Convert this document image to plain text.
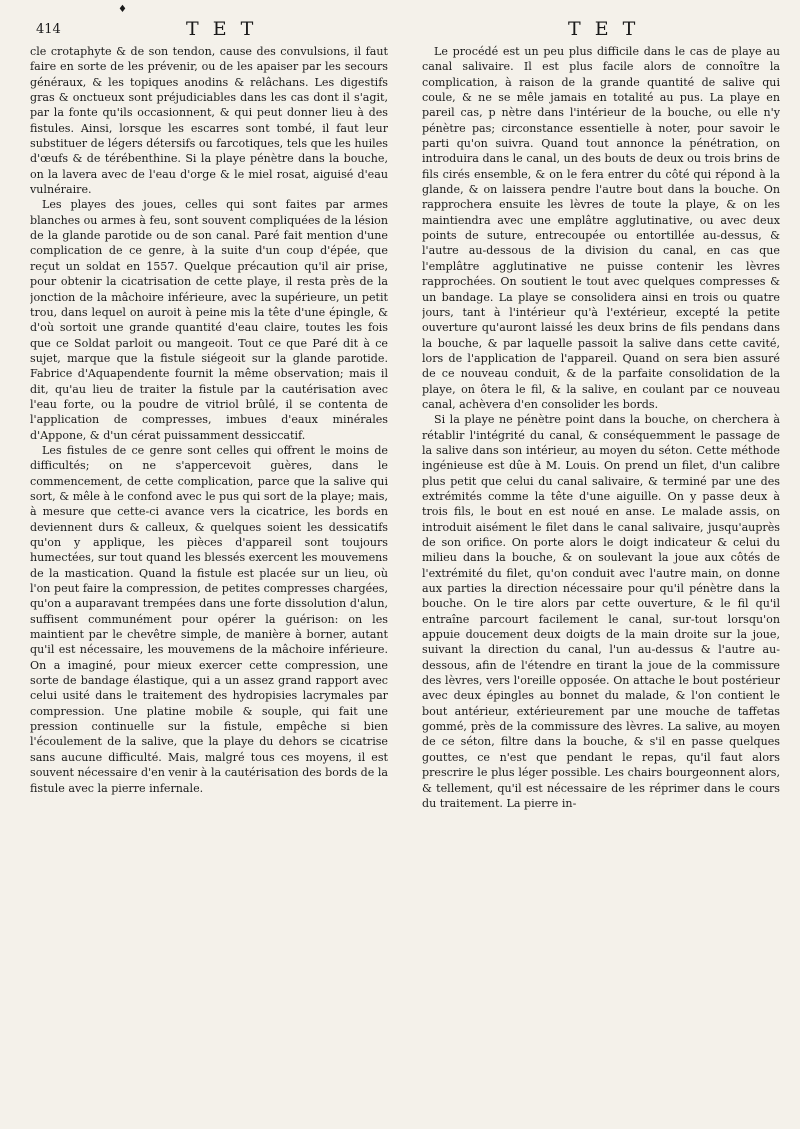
♦
414	T E T	T E T

cle crotaphyte & de son tendon, cause des convulsions, il faut faire en sorte de les prévenir, ou de les apaiser par les secours généraux, & les topiques anodins & relâchans. Les digestifs gras & onctueux sont préjudiciables dans les cas dont il s'agit, par la fonte qu'ils occasionnent, & qui peut donner lieu à des fistules. Ainsi, lorsque les escarres sont tombé, il faut leur substituer de légers détersifs ou farcotiques, tels que les huiles d'œufs & de térébenthine. Si la playe pénètre dans la bouche, on la lavera avec de l'eau d'orge & le miel rosat, aiguisé d'eau vulnéraire.

Les playes des joues, celles qui sont faites par armes blanches ou armes à feu, sont souvent compliquées de la lésion de la glande parotide ou de son canal. Paré fait mention d'une complication de ce genre, à la suite d'un coup d'épée, que reçut un soldat en 1557. Quelque précaution qu'il air prise, pour obtenir la cicatrisation de cette playe, il resta près de la jonction de la mâchoire inférieure, avec la supérieure, un petit trou, dans lequel on auroit à peine mis la tête d'une épingle, & d'où sortoit une grande quantité d'eau claire, toutes les fois que ce Soldat parloit ou mangeoit. Tout ce que Paré dit à ce sujet, marque que la fistule siégeoit sur la glande parotide. Fabrice d'Aquapendente fournit la même observation; mais il dit, qu'au lieu de traiter la fistule par la cautérisation avec l'eau forte, ou la poudre de vitriol brûlé, il se contenta de l'application de compresses, imbues d'eaux minérales d'Appone, & d'un cérat puissamment dessiccatif.

Les fistules de ce genre sont celles qui offrent le moins de difficultés; on ne s'appercevoit guères, dans le commencement, de cette complication, parce que la salive qui sort, & mêle à le confond avec le pus qui sort de la playe; mais, à mesure que cette-ci avance vers la cicatrice, les bords en deviennent durs & calleux, & quelques soient les dessicatifs qu'on y applique, les pièces d'appareil sont toujours humectées, sur tout quand les blessés exercent les mouvemens de la mastication. Quand la fistule est placée sur un lieu, où l'on peut faire la compression, de petites compresses chargées, qu'on a auparavant trempées dans une forte dissolution d'alun, suffisent communément pour opérer la guérison: on les maintient par le chevêtre simple, de manière à borner, autant qu'il est nécessaire, les mouvemens de la mâchoire inférieure. On a imaginé, pour mieux exercer cette compression, une sorte de bandage élastique, qui a un assez grand rapport avec celui usité dans le traitement des hydropisies lacrymales par compression. Une platine mobile & souple, qui fait une pression continuelle sur la fistule, empêche si bien l'écoulement de la salive, que la playe du dehors se cicatrise sans aucune difficulté. Mais, malgré tous ces moyens, il est souvent nécessaire d'en venir à la cautérisation des bords de la fistule avec la pierre infernale.

Le procédé est un peu plus difficile dans le cas de playe au canal salivaire. Il est plus facile alors de connoître la complication, à raison de la grande quantité de salive qui coule, & ne se mêle jamais en totalité au pus. La playe en pareil cas, p nètre dans l'intérieur de la bouche, ou elle n'y pénètre pas; circonstance essentielle à noter, pour savoir le parti qu'on suivra. Quand tout annonce la pénétration, on introduira dans le canal, un des bouts de deux ou trois brins de fils cirés ensemble, & on le fera entrer du côté qui répond à la glande, & on laissera pendre l'autre bout dans la bouche. On rapprochera ensuite les lèvres de toute la playe, & on les maintiendra avec une emplâtre agglutinative, ou avec deux points de suture, entrecoupée ou entortillée au-dessus, & l'autre au-dessous de la division du canal, en cas que l'emplâtre agglutinative ne puisse contenir les lèvres rapprochées. On soutient le tout avec quelques compresses & un bandage. La playe se consolidera ainsi en trois ou quatre jours, tant à l'intérieur qu'à l'extérieur, excepté la petite ouverture qu'auront laissé les deux brins de fils pendans dans la bouche, & par laquelle passoit la salive dans cette cavité, lors de l'application de l'appareil. Quand on sera bien assuré de ce nouveau conduit, & de la parfaite consolidation de la playe, on ôtera le fil, & la salive, en coulant par ce nouveau canal, achèvera d'en consolider les bords.

Si la playe ne pénètre point dans la bouche, on cherchera à rétablir l'intégrité du canal, & conséquemment le passage de la salive dans son intérieur, au moyen du séton. Cette méthode ingénieuse est dûe à M. Louis. On prend un filet, d'un calibre plus petit que celui du canal salivaire, & terminé par une des extrémités comme la tête d'une aiguille. On y passe deux à trois fils, le bout en est noué en anse. Le malade assis, on introduit aisément le filet dans le canal salivaire, jusqu'auprès de son orifice. On porte alors le doigt indicateur & celui du milieu dans la bouche, & on soulevant la joue aux côtés de l'extrémité du filet, qu'on conduit avec l'autre main, on donne aux parties la direction nécessaire pour qu'il pénètre dans la bouche. On le tire alors par cette ouverture, & le fil qu'il entraîne parcourt facilement le canal, sur-tout lorsqu'on appuie doucement deux doigts de la main droite sur la joue, suivant la direction du canal, l'un au-dessus & l'autre au-dessous, afin de l'étendre en tirant la joue de la commissure des lèvres, vers l'oreille opposée. On attache le bout postérieur avec deux épingles au bonnet du malade, & l'on contient le bout antérieur, extérieurement par une mouche de taffetas gommé, près de la commissure des lèvres. La salive, au moyen de ce séton, filtre dans la bouche, & s'il en passe quelques gouttes, ce n'est que pendant le repas, qu'il faut alors prescrire le plus léger possible. Les chairs bourgeonnent alors, & tellement, qu'il est nécessaire de les réprimer dans le cours du traitement. La pierre in-
